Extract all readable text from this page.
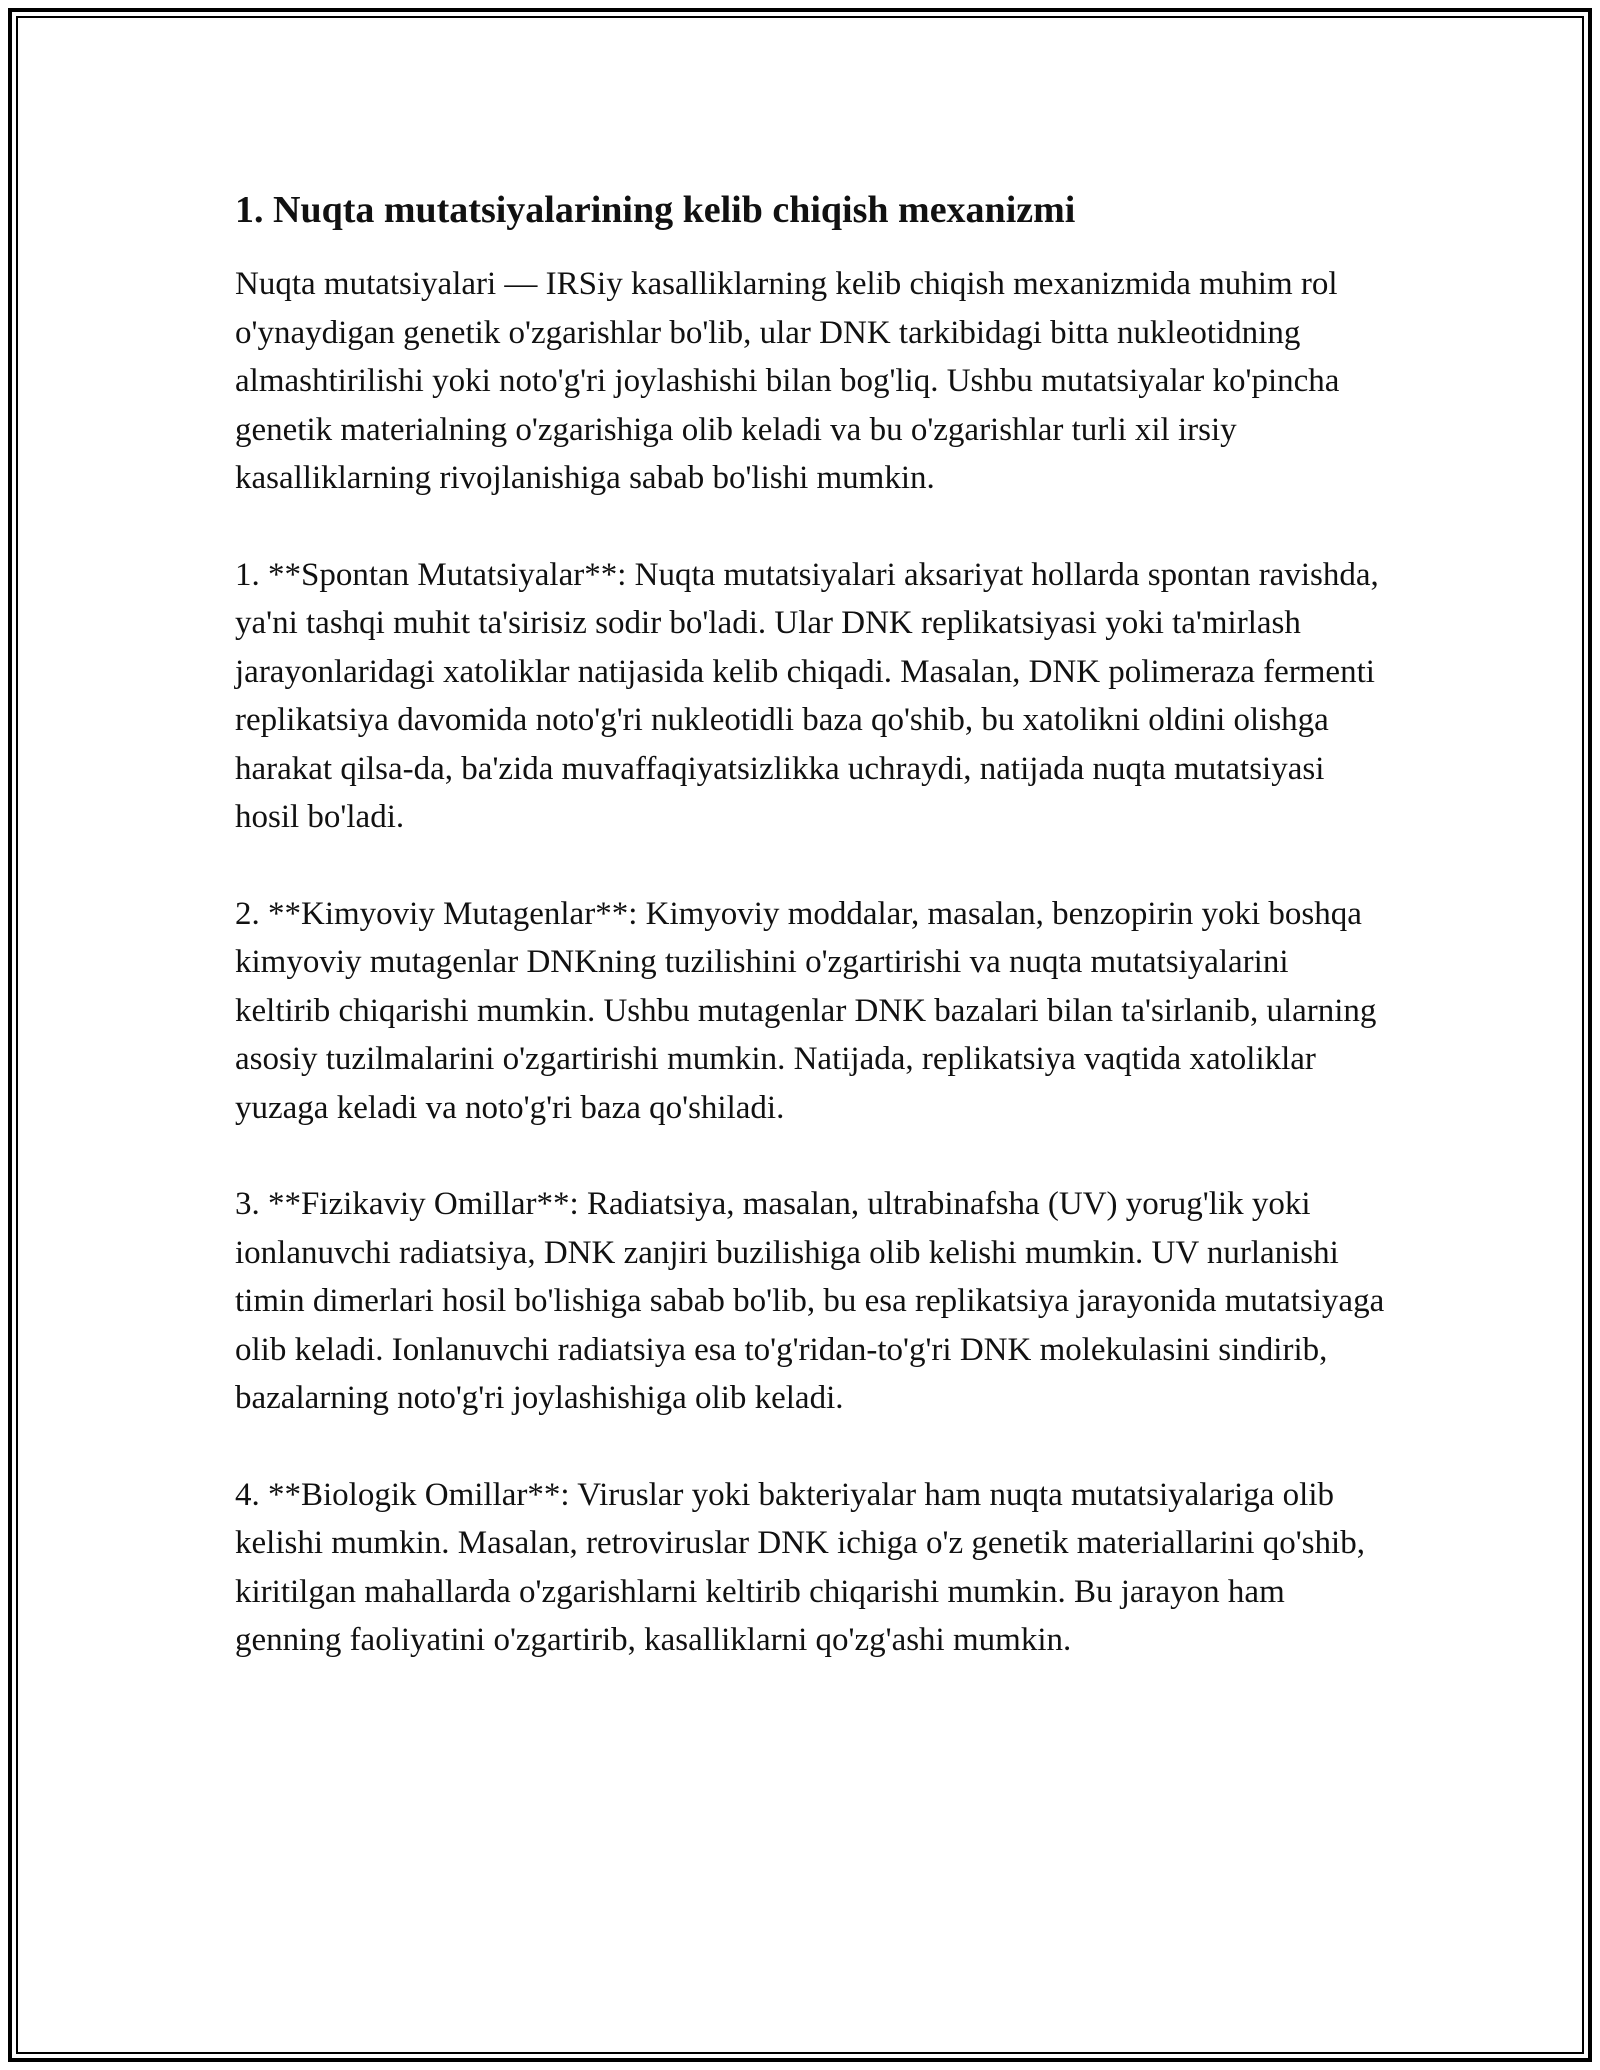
1. Nuqta mutatsiyalarining kelib chiqish mexanizmi

Nuqta mutatsiyalari — IRSiy kasalliklarning kelib chiqish mexanizmida muhim rol o'ynaydigan genetik o'zgarishlar bo'lib, ular DNK tarkibidagi bitta nukleotidning almashtirilishi yoki noto'g'ri joylashishi bilan bog'liq. Ushbu mutatsiyalar ko'pincha genetik materialning o'zgarishiga olib keladi va bu o'zgarishlar turli xil irsiy kasalliklarning rivojlanishiga sabab bo'lishi mumkin.

1. **Spontan Mutatsiyalar**: Nuqta mutatsiyalari aksariyat hollarda spontan ravishda, ya'ni tashqi muhit ta'sirisiz sodir bo'ladi. Ular DNK replikatsiyasi yoki ta'mirlash jarayonlaridagi xatoliklar natijasida kelib chiqadi. Masalan, DNK polimeraza fermenti replikatsiya davomida noto'g'ri nukleotidli baza qo'shib, bu xatolikni oldini olishga harakat qilsa-da, ba'zida muvaffaqiyatsizlikka uchraydi, natijada nuqta mutatsiyasi hosil bo'ladi.

2. **Kimyoviy Mutagenlar**: Kimyoviy moddalar, masalan, benzopirin yoki boshqa kimyoviy mutagenlar DNKning tuzilishini o'zgartirishi va nuqta mutatsiyalarini keltirib chiqarishi mumkin. Ushbu mutagenlar DNK bazalari bilan ta'sirlanib, ularning asosiy tuzilmalarini o'zgartirishi mumkin. Natijada, replikatsiya vaqtida xatoliklar yuzaga keladi va noto'g'ri baza qo'shiladi.

3. **Fizikaviy Omillar**: Radiatsiya, masalan, ultrabinafsha (UV) yorug'lik yoki ionlanuvchi radiatsiya, DNK zanjiri buzilishiga olib kelishi mumkin. UV nurlanishi timin dimerlari hosil bo'lishiga sabab bo'lib, bu esa replikatsiya jarayonida mutatsiyaga olib keladi. Ionlanuvchi radiatsiya esa to'g'ridan-to'g'ri DNK molekulasini sindirib, bazalarning noto'g'ri joylashishiga olib keladi.

4. **Biologik Omillar**: Viruslar yoki bakteriyalar ham nuqta mutatsiyalariga olib kelishi mumkin. Masalan, retroviruslar DNK ichiga o'z genetik materiallarini qo'shib, kiritilgan mahallarda o'zgarishlarni keltirib chiqarishi mumkin. Bu jarayon ham genning faoliyatini o'zgartirib, kasalliklarni qo'zg'ashi mumkin.
